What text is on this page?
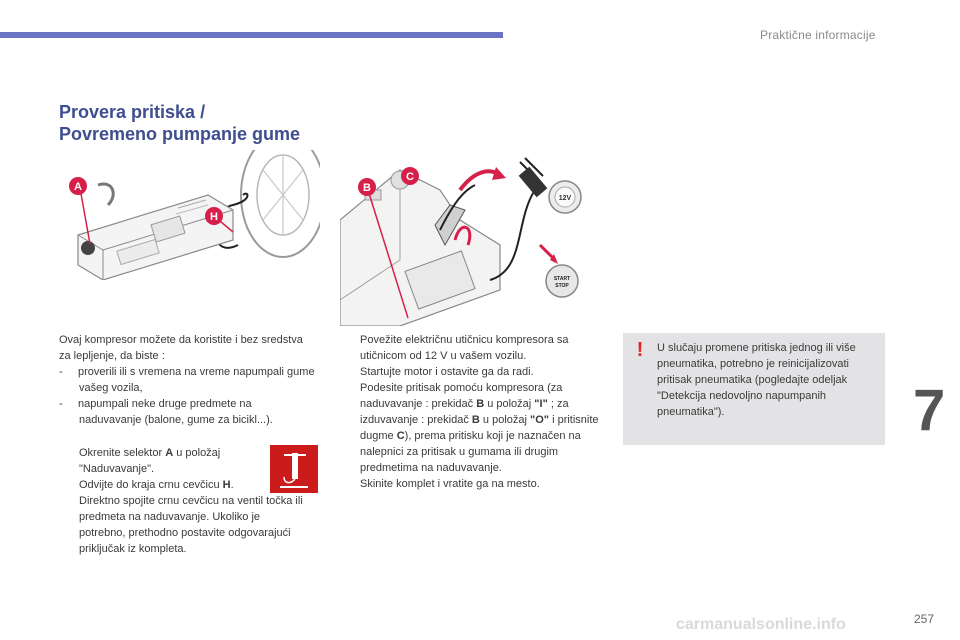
Praktične informacije
Provera pritiska /
Povremeno pumpanje gume
A
H
12V
START
STOP
B
C

Ovaj kompresor možete da koristite i bez sredstva za lepljenje, da biste :

- proverili ili s vremena na vreme napumpali gume vašeg vozila,

- napumpali neke druge predmete na naduvavanje (balone, gume za bicikl...).

Okrenite selektor A u položaj "Naduvavanje".

Odvijte do kraja crnu cevčicu H.

Direktno spojite crnu cevčicu na ventil točka ili predmeta na naduvavanje. Ukoliko je potrebno, prethodno postavite odgovarajući priključak iz kompleta.

Povežite električnu utičnicu kompresora sa utičnicom od 12 V u vašem vozilu.

Startujte motor i ostavite ga da radi.

Podesite pritisak pomoću kompresora (za naduvavanje : prekidač B u položaj "I" ; za izduvavanje : prekidač B u položaj "O" i pritisnite dugme C), prema pritisku koji je naznačen na nalepnici za pritisak u gumama ili drugim predmetima na naduvavanje.

Skinite komplet i vratite ga na mesto.

! U slučaju promene pritiska jednog ili više pneumatika, potrebno je reinicijalizovati pritisak pneumatika (pogledajte odeljak "Detekcija nedovoljno napumpanih pneumatika").	7
carmanualsonline.info	257
